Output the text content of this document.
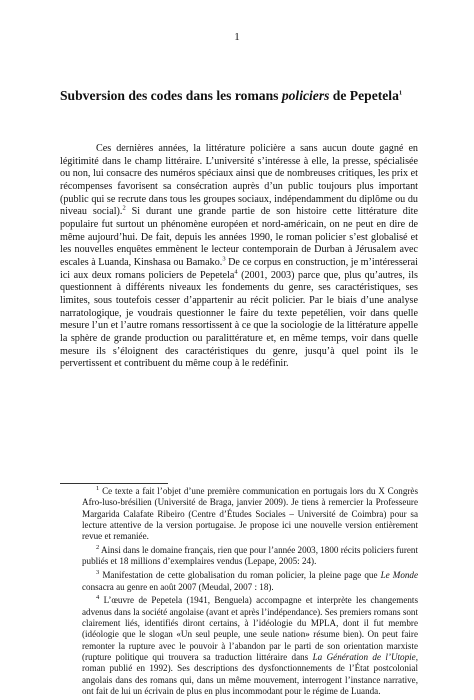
1
Subversion des codes dans les romans policiers de Pepetela$^1$

Ces dernières années, la littérature policière a sans aucun doute gagné en légitimité dans le champ littéraire. L’université s’intéresse à elle, la presse, spécialisée ou non, lui consacre des numéros spéciaux ainsi que de nombreuses critiques, les prix et récompenses favorisent sa consécration auprès d’un public toujours plus important (public qui se recrute dans tous les groupes sociaux, indépendamment du diplôme ou du niveau social).$^2$ Si durant une grande partie de son histoire cette littérature dite populaire fut surtout un phénomène européen et nord-américain, on ne peut en dire de même aujourd’hui. De fait, depuis les années 1990, le roman policier s’est globalisé et les nouvelles enquêtes emmènent le lecteur contemporain de Durban à Jérusalem avec escales à Luanda, Kinshasa ou Bamako.$^3$ De ce corpus en construction, je m’intéresserai ici aux deux romans policiers de Pepetela$^4$ (2001, 2003) parce que, plus qu’autres, ils questionnent à différents niveaux les fondements du genre, ses caractéristiques, ses limites, sous toutefois cesser d’appartenir au récit policier. Par le biais d’une analyse narratologique, je voudrais questionner le faire du texte pepetélien, voir dans quelle mesure l’un et l’autre romans ressortissent à ce que la sociologie de la littérature appelle la sphère de grande production ou paralittérature et, en même temps, voir dans quelle mesure ils s’éloignent des caractéristiques du genre, jusqu’à quel point ils le pervertissent et contribuent du même coup à le redéfinir.

$^1$ Ce texte a fait l’objet d’une première communication en portugais lors du X Congrès Afro-luso-brésilien (Université de Braga, janvier 2009). Je tiens à remercier la Professeure Margarida Calafate Ribeiro (Centre d’Études Sociales – Université de Coimbra) pour sa lecture attentive de la version portugaise. Je propose ici une nouvelle version entièrement revue et remaniée.

$^2$ Ainsi dans le domaine français, rien que pour l’année 2003, 1800 récits policiers furent publiés et 18 millions d’exemplaires vendus (Lepape, 2005: 24).

$^3$ Manifestation de cette globalisation du roman policier, la pleine page que Le Monde consacra au genre en août 2007 (Meudal, 2007 : 18).

$^4$ L’œuvre de Pepetela (1941, Benguela) accompagne et interprète les changements advenus dans la société angolaise (avant et après l’indépendance). Ses premiers romans sont clairement liés, identifiés diront certains, à l’idéologie du MPLA, dont il fut membre (idéologie que le slogan «Un seul peuple, une seule nation» résume bien). On peut faire remonter la rupture avec le pouvoir à l’abandon par le parti de son orientation marxiste (rupture politique qui trouvera sa traduction littéraire dans La Génération de l’Utopie, roman publié en 1992). Ses descriptions des dysfonctionnements de l’État postcolonial angolais dans des romans qui, dans un même mouvement, interrogent l’instance narrative, ont fait de lui un écrivain de plus en plus incommodant pour le régime de Luanda.
